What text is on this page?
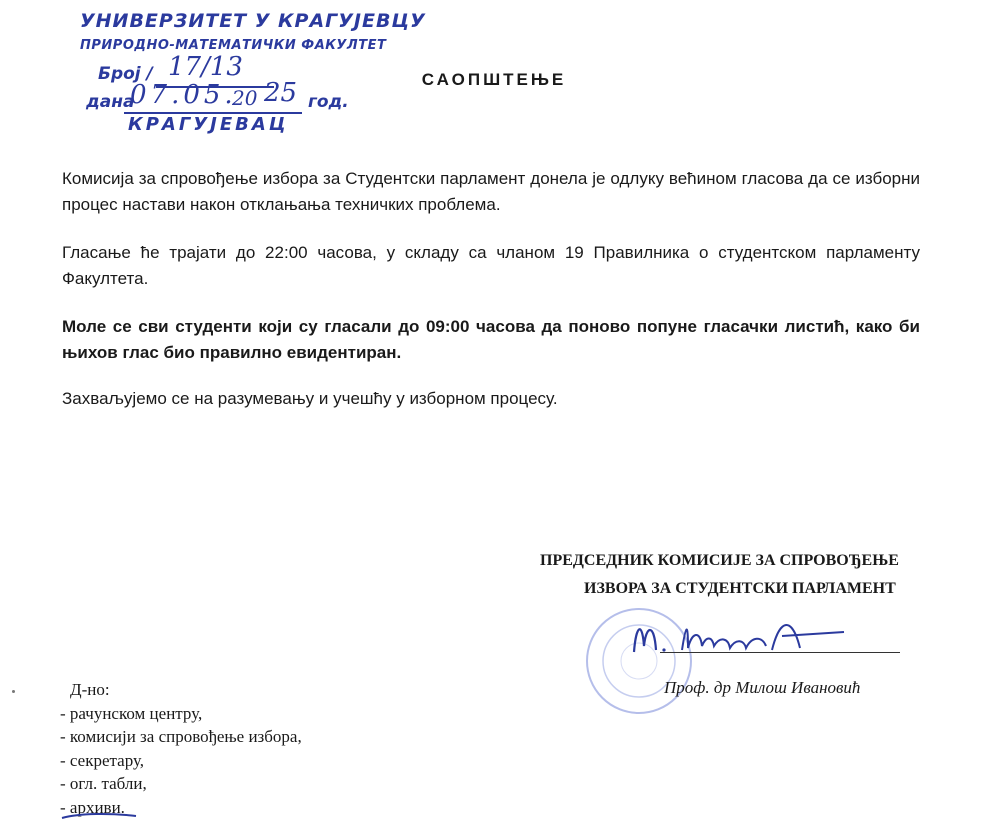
УНИВЕРЗИТЕТ У КРАГУЈЕВЦУ
ПРИРОДНО-МАТЕМАТИЧКИ ФАКУЛТЕТ
Број / 17/13
дана
07.05.
20 25 год.
КРАГУЈЕВАЦ
САОПШТЕЊЕ
Комисија за спровођење избора за Студентски парламент донела је одлуку већином гласова да се изборни процес настави након отклањања техничких проблема.
Гласање ће трајати до 22:00 часова, у складу са чланом 19 Правилника о студентском парламенту Факултета.
Моле се сви студенти који су гласали до 09:00 часова да поново попуне гласачки листић, како би њихов глас био правилно евидентиран.
Захваљујемо се на разумевању и учешћу у изборном процесу.
ПРЕДСЕДНИК КОМИСИЈЕ ЗА СПРОВОЂЕЊЕ
ИЗВОРА ЗА СТУДЕНТСКИ ПАРЛАМЕНТ
Проф. др Милош Ивановић
Д-но:
- рачунском центру,
- комисији за спровођење избора,
- секретару,
- огл. табли,
- архиви.
